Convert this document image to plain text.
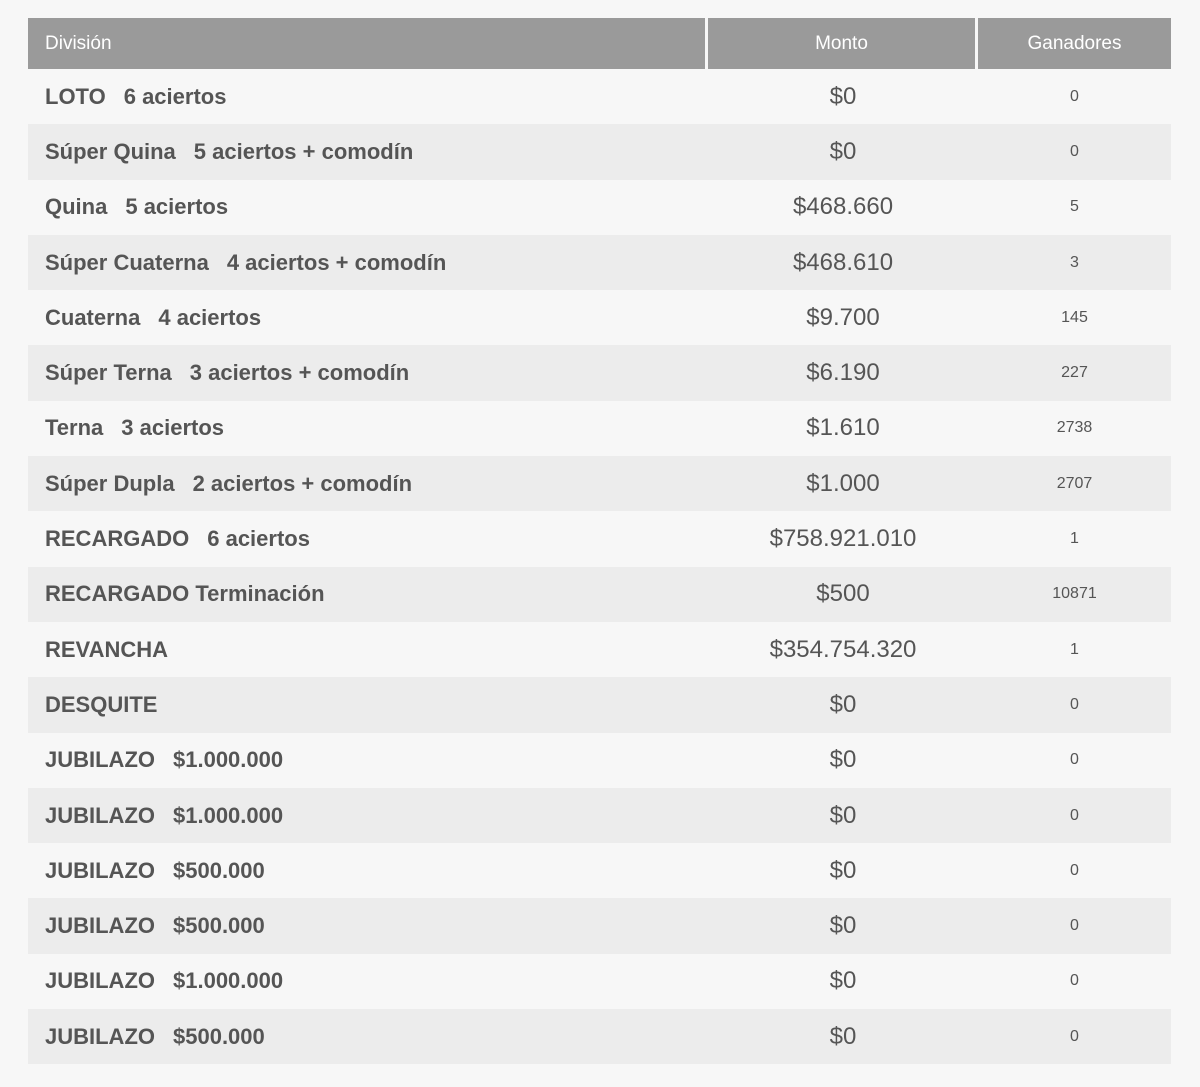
División	Monto	Ganadores
LOTO 6 aciertos	$0	0
Súper Quina 5 aciertos + comodín	$0	0
Quina 5 aciertos	$468.660	5
Súper Cuaterna 4 aciertos + comodín	$468.610	3
Cuaterna 4 aciertos	$9.700	145
Súper Terna 3 aciertos + comodín	$6.190	227
Terna 3 aciertos	$1.610	2738
Súper Dupla 2 aciertos + comodín	$1.000	2707
RECARGADO 6 aciertos	$758.921.010	1
RECARGADO Terminación	$500	10871
REVANCHA	$354.754.320	1
DESQUITE	$0	0
JUBILAZO $1.000.000	$0	0
JUBILAZO $1.000.000	$0	0
JUBILAZO $500.000	$0	0
JUBILAZO $500.000	$0	0
JUBILAZO $1.000.000	$0	0
JUBILAZO $500.000	$0	0
